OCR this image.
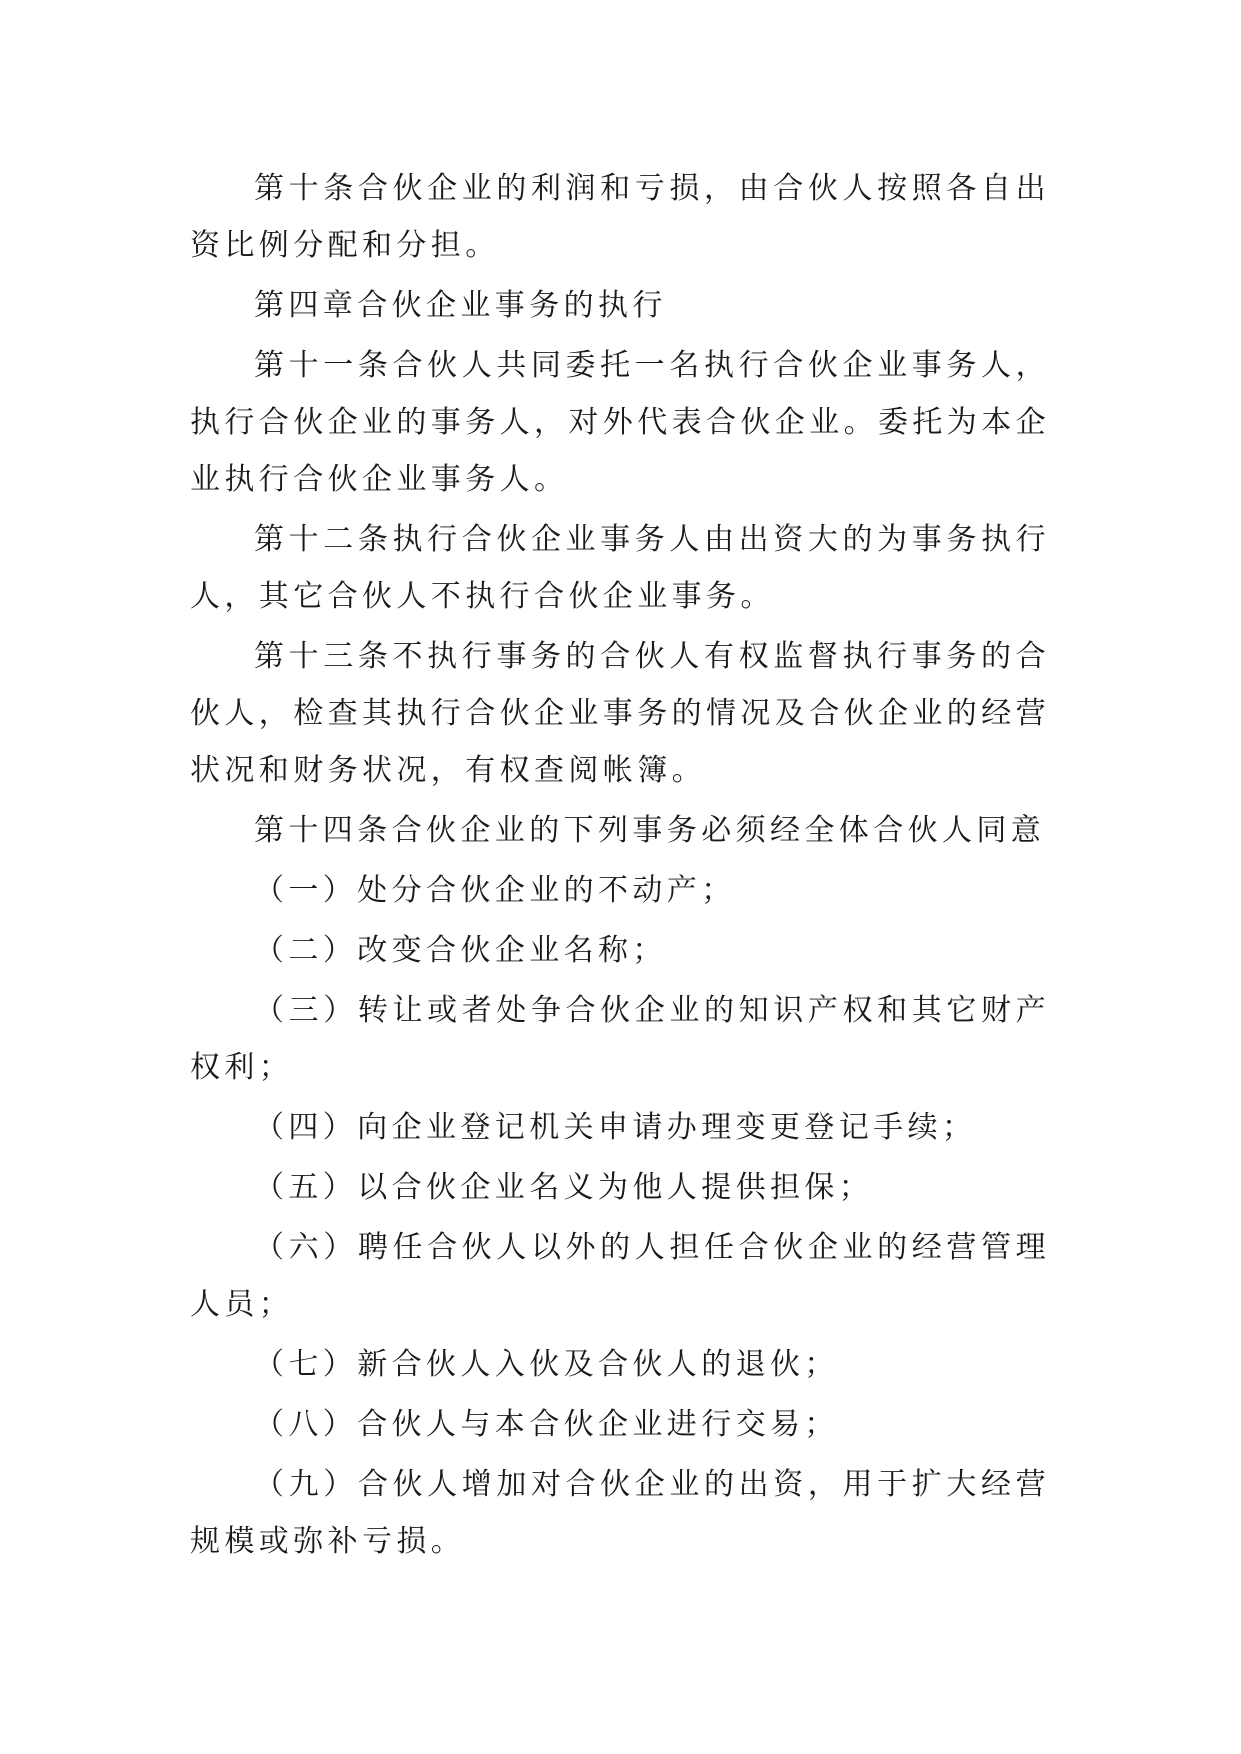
第十条合伙企业的利润和亏损，由合伙人按照各自出资比例分配和分担。

第四章合伙企业事务的执行

第十一条合伙人共同委托一名执行合伙企业事务人，执行合伙企业的事务人，对外代表合伙企业。委托为本企业执行合伙企业事务人。

第十二条执行合伙企业事务人由出资大的为事务执行人，其它合伙人不执行合伙企业事务。

第十三条不执行事务的合伙人有权监督执行事务的合伙人，检查其执行合伙企业事务的情况及合伙企业的经营状况和财务状况，有权查阅帐簿。

第十四条合伙企业的下列事务必须经全体合伙人同意

（一）处分合伙企业的不动产；

（二）改变合伙企业名称；

（三）转让或者处争合伙企业的知识产权和其它财产权利；

（四）向企业登记机关申请办理变更登记手续；

（五）以合伙企业名义为他人提供担保；

（六）聘任合伙人以外的人担任合伙企业的经营管理人员；

（七）新合伙人入伙及合伙人的退伙；

（八）合伙人与本合伙企业进行交易；

（九）合伙人增加对合伙企业的出资，用于扩大经营规模或弥补亏损。
